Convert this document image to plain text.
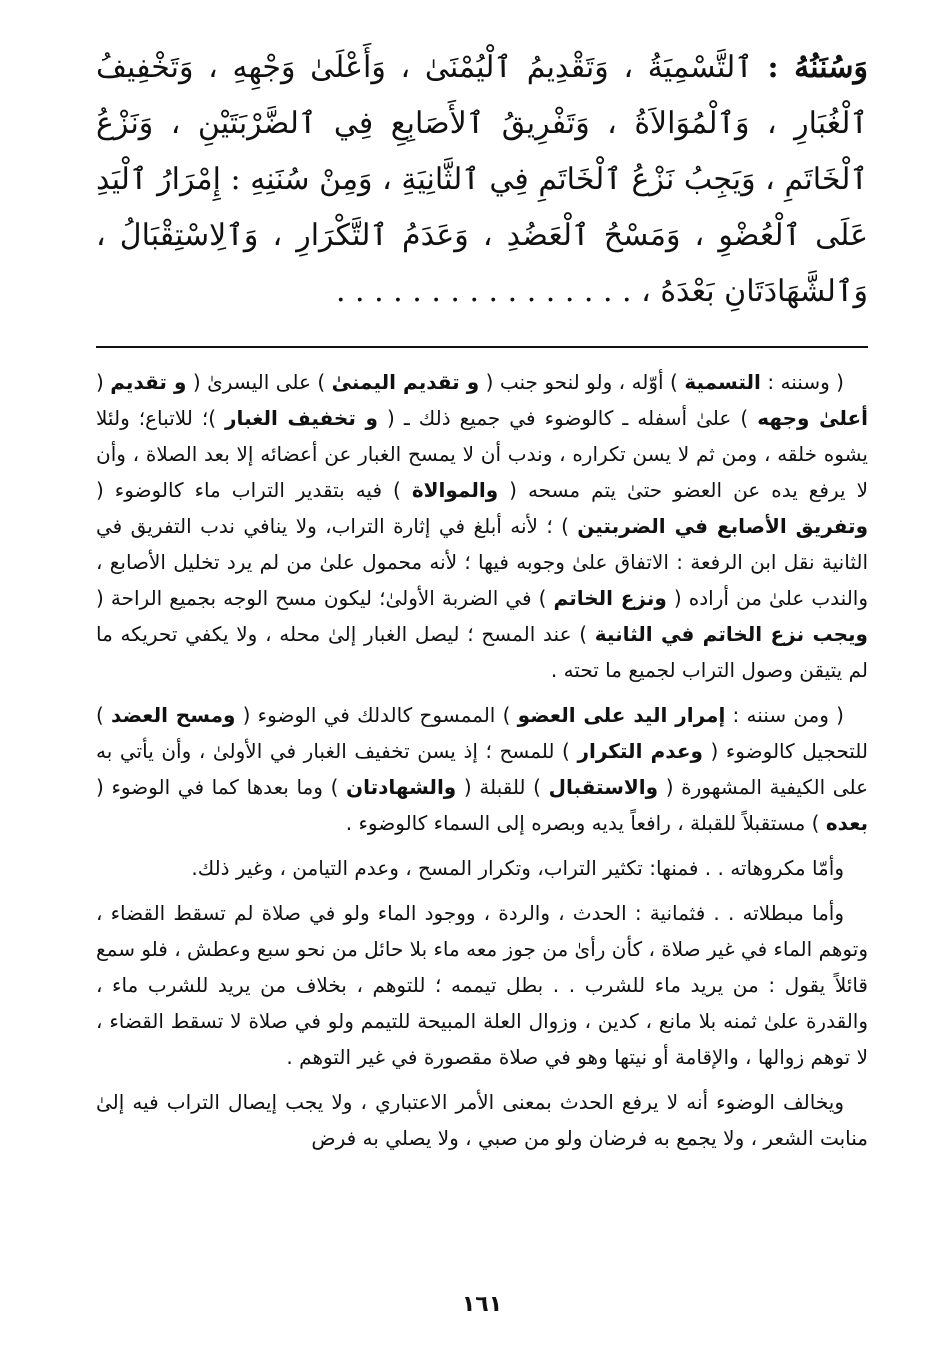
وَسُنَنُهُ : ٱلتَّسْمِيَةُ ، وَتَقْدِيمُ ٱلْيُمْنَىٰ ، وَأَعْلَىٰ وَجْهِهِ ، وَتَخْفِيفُ ٱلْغُبَارِ ، وَٱلْمُوَالاَةُ ، وَتَفْرِيقُ ٱلأَصَابِعِ فِي ٱلضَّرْبَتَيْنِ ، وَنَزْعُ ٱلْخَاتَمِ ، وَيَجِبُ نَزْعُ ٱلْخَاتَمِ فِي ٱلثَّانِيَةِ ، وَمِنْ سُنَنِهِ : إِمْرَارُ ٱلْيَدِ عَلَى ٱلْعُضْوِ ، وَمَسْحُ ٱلْعَضُدِ ، وَعَدَمُ ٱلتَّكْرَارِ ، وَٱلِاسْتِقْبَالُ ، وَٱلشَّهَادَتَانِ بَعْدَهُ ، . . . . . . . . . . . . . . . .

( وسننه : التسمية ) أوّله ، ولو لنحو جنب ( و تقديم اليمنىٰ ) على اليسرىٰ ( و تقديم ( أعلىٰ وجهه ) علىٰ أسفله ـ كالوضوء في جميع ذلك ـ ( و تخفيف الغبار )؛ للاتباع؛ ولئلا يشوه خلقه ، ومن ثم لا يسن تكراره ، وندب أن لا يمسح الغبار عن أعضائه إلا بعد الصلاة ، وأن لا يرفع يده عن العضو حتىٰ يتم مسحه ( والموالاة ) فيه بتقدير التراب ماء كالوضوء ( وتفريق الأصابع في الضربتين ) ؛ لأنه أبلغ في إثارة التراب، ولا ينافي ندب التفريق في الثانية نقل ابن الرفعة : الاتفاق علىٰ وجوبه فيها ؛ لأنه محمول علىٰ من لم يرد تخليل الأصابع ، والندب علىٰ من أراده ( ونزع الخاتم ) في الضربة الأولىٰ؛ ليكون مسح الوجه بجميع الراحة ( ويجب نزع الخاتم في الثانية ) عند المسح ؛ ليصل الغبار إلىٰ محله ، ولا يكفي تحريكه ما لم يتيقن وصول التراب لجميع ما تحته .

( ومن سننه : إمرار اليد على العضو ) الممسوح كالدلك في الوضوء ( ومسح العضد ) للتحجيل كالوضوء ( وعدم التكرار ) للمسح ؛ إذ يسن تخفيف الغبار في الأولىٰ ، وأن يأتي به على الكيفية المشهورة ( والاستقبال ) للقبلة ( والشهادتان ) وما بعدها كما في الوضوء ( بعده ) مستقبلاً للقبلة ، رافعاً يديه وبصره إلى السماء كالوضوء .

وأمّا مكروهاته . . فمنها: تكثير التراب، وتكرار المسح ، وعدم التيامن ، وغير ذلك.

وأما مبطلاته . . فثمانية : الحدث ، والردة ، ووجود الماء ولو في صلاة لم تسقط القضاء ، وتوهم الماء في غير صلاة ، كأن رأىٰ من جوز معه ماء بلا حائل من نحو سبع وعطش ، فلو سمع قائلاً يقول : من يريد ماء للشرب . . بطل تيممه ؛ للتوهم ، بخلاف من يريد للشرب ماء ، والقدرة علىٰ ثمنه بلا مانع ، كدين ، وزوال العلة المبيحة للتيمم ولو في صلاة لا تسقط القضاء ، لا توهم زوالها ، والإقامة أو نيتها وهو في صلاة مقصورة في غير التوهم .

ويخالف الوضوء أنه لا يرفع الحدث بمعنى الأمر الاعتباري ، ولا يجب إيصال التراب فيه إلىٰ منابت الشعر ، ولا يجمع به فرضان ولو من صبي ، ولا يصلي به فرض

١٦١
